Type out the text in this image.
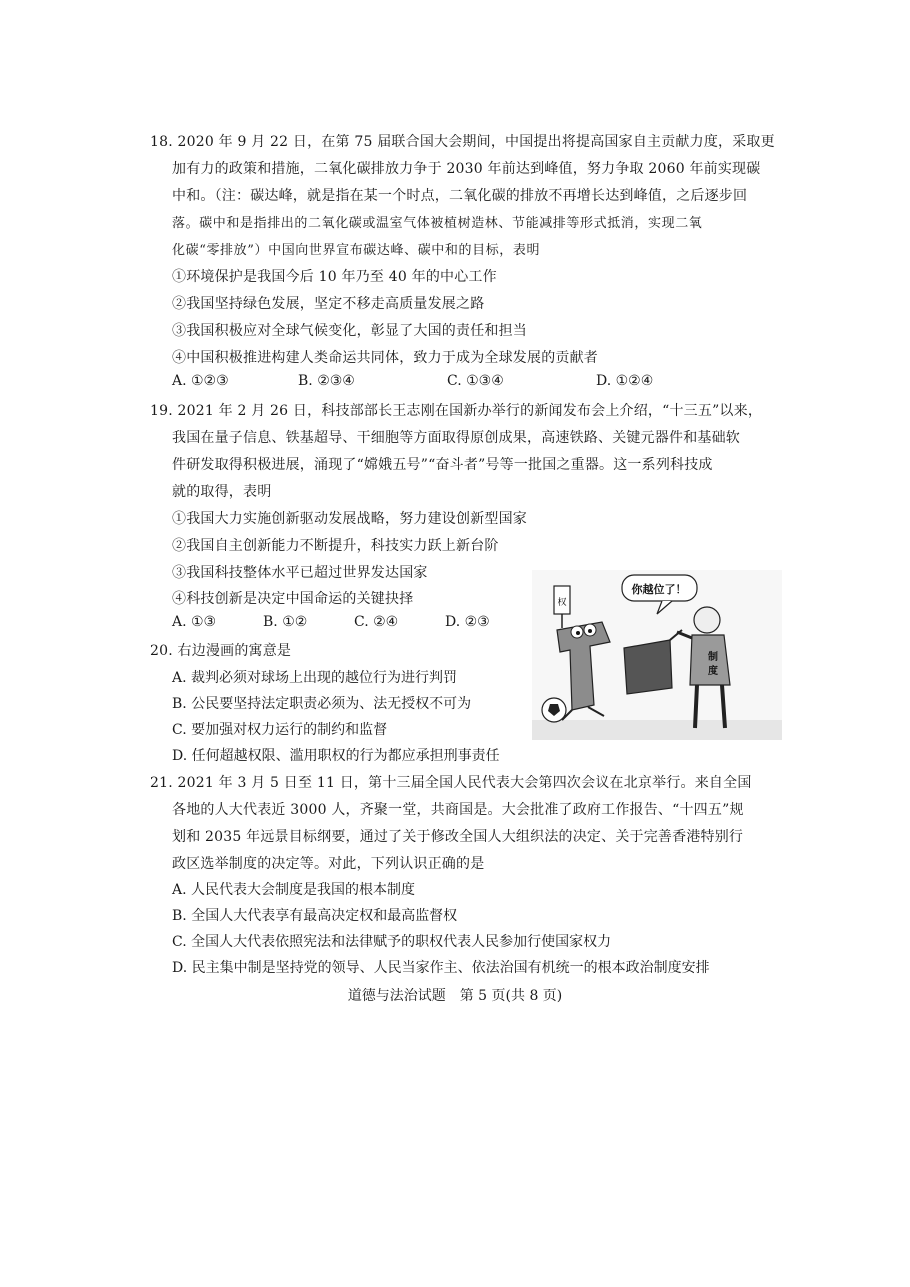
18. 2020 年 9 月 22 日，在第 75 届联合国大会期间，中国提出将提高国家自主贡献力度，采取更
加有力的政策和措施，二氧化碳排放力争于 2030 年前达到峰值，努力争取 2060 年前实现碳
中和。（注：碳达峰，就是指在某一个时点，二氧化碳的排放不再增长达到峰值，之后逐步回
落。碳中和是指排出的二氧化碳或温室气体被植树造林、节能减排等形式抵消，实现二氧
化碳“零排放”）中国向世界宣布碳达峰、碳中和的目标，表明
①环境保护是我国今后 10 年乃至 40 年的中心工作
②我国坚持绿色发展，坚定不移走高质量发展之路
③我国积极应对全球气候变化，彰显了大国的责任和担当
④中国积极推进构建人类命运共同体，致力于成为全球发展的贡献者
A. ①②③	B. ②③④	C. ①③④	D. ①②④
19. 2021 年 2 月 26 日，科技部部长王志刚在国新办举行的新闻发布会上介绍，“十三五”以来，
我国在量子信息、铁基超导、干细胞等方面取得原创成果，高速铁路、关键元器件和基础软
件研发取得积极进展，涌现了“嫦娥五号”“奋斗者”号等一批国之重器。这一系列科技成
就的取得，表明
①我国大力实施创新驱动发展战略，努力建设创新型国家
②我国自主创新能力不断提升，科技实力跃上新台阶
③我国科技整体水平已超过世界发达国家
④科技创新是决定中国命运的关键抉择
A. ①③	B. ①②	C. ②④	D. ②③
20. 右边漫画的寓意是
A. 裁判必须对球场上出现的越位行为进行判罚
B. 公民要坚持法定职责必须为、法无授权不可为
C. 要加强对权力运行的制约和监督
D. 任何超越权限、滥用职权的行为都应承担刑事责任
你越位了！
权
制
度
21. 2021 年 3 月 5 日至 11 日，第十三届全国人民代表大会第四次会议在北京举行。来自全国
各地的人大代表近 3000 人，齐聚一堂，共商国是。大会批准了政府工作报告、“十四五”规
划和 2035 年远景目标纲要，通过了关于修改全国人大组织法的决定、关于完善香港特别行
政区选举制度的决定等。对此，下列认识正确的是
A. 人民代表大会制度是我国的根本制度
B. 全国人大代表享有最高决定权和最高监督权
C. 全国人大代表依照宪法和法律赋予的职权代表人民参加行使国家权力
D. 民主集中制是坚持党的领导、人民当家作主、依法治国有机统一的根本政治制度安排
道德与法治试题　第 5 页(共 8 页)
